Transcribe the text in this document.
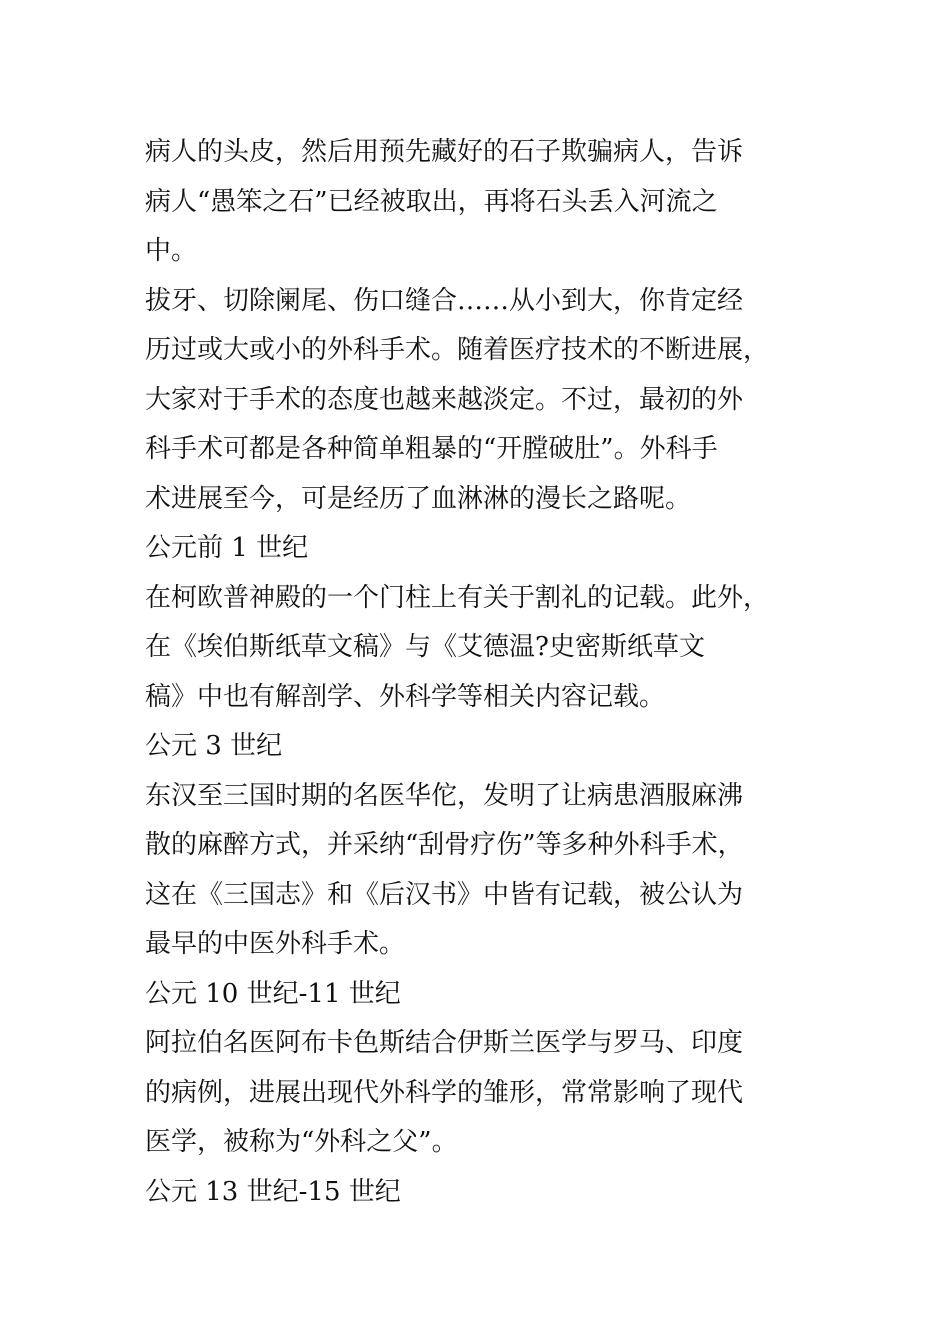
病人的头皮，然后用预先藏好的石子欺骗病人，告诉
病人“愚笨之石”已经被取出，再将石头丢入河流之
中。
拔牙、切除阑尾、伤口缝合……从小到大，你肯定经
历过或大或小的外科手术。随着医疗技术的不断进展，
大家对于手术的态度也越来越淡定。不过，最初的外
科手术可都是各种简单粗暴的“开膛破肚”。外科手
术进展至今，可是经历了血淋淋的漫长之路呢。
公元前 1 世纪
在柯欧普神殿的一个门柱上有关于割礼的记载。此外，
在《埃伯斯纸草文稿》与《艾德温?史密斯纸草文
稿》中也有解剖学、外科学等相关内容记载。
公元 3 世纪
东汉至三国时期的名医华佗，发明了让病患酒服麻沸
散的麻醉方式，并采纳“刮骨疗伤”等多种外科手术，
这在《三国志》和《后汉书》中皆有记载，被公认为
最早的中医外科手术。
公元 10 世纪-11 世纪
阿拉伯名医阿布卡色斯结合伊斯兰医学与罗马、印度
的病例，进展出现代外科学的雏形，常常影响了现代
医学，被称为“外科之父”。
公元 13 世纪-15 世纪
